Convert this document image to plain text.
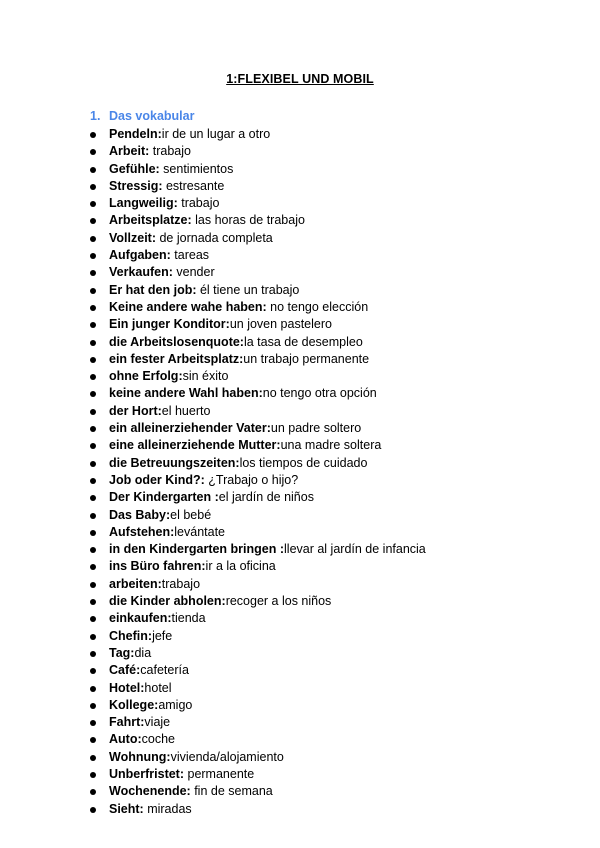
1:FLEXIBEL UND MOBIL
1. Das vokabular
Pendeln:ir de un lugar a otro
Arbeit: trabajo
Gefühle: sentimientos
Stressig: estresante
Langweilig: trabajo
Arbeitsplatze: las horas de trabajo
Vollzeit: de jornada completa
Aufgaben: tareas
Verkaufen: vender
Er hat den job: él tiene un trabajo
Keine andere wahe haben: no tengo elección
Ein junger Konditor:un joven pastelero
die Arbeitslosenquote:la tasa de desempleo
ein fester Arbeitsplatz:un trabajo permanente
ohne Erfolg:sin éxito
keine andere Wahl haben:no tengo otra opción
der Hort:el huerto
ein alleinerziehender Vater:un padre soltero
eine alleinerziehende Mutter:una madre soltera
die Betreuungszeiten:los tiempos de cuidado
Job oder Kind?: ¿Trabajo o hijo?
Der Kindergarten :el jardín de niños
Das Baby:el bebé
Aufstehen:levántate
in den Kindergarten bringen :llevar al jardín de infancia
ins Büro fahren:ir a la oficina
arbeiten:trabajo
die Kinder abholen:recoger a los niños
einkaufen:tienda
Chefin:jefe
Tag:dia
Café:cafetería
Hotel:hotel
Kollege:amigo
Fahrt:viaje
Auto:coche
Wohnung:vivienda/alojamiento
Unberfristet: permanente
Wochenende: fin de semana
Sieht: miradas
